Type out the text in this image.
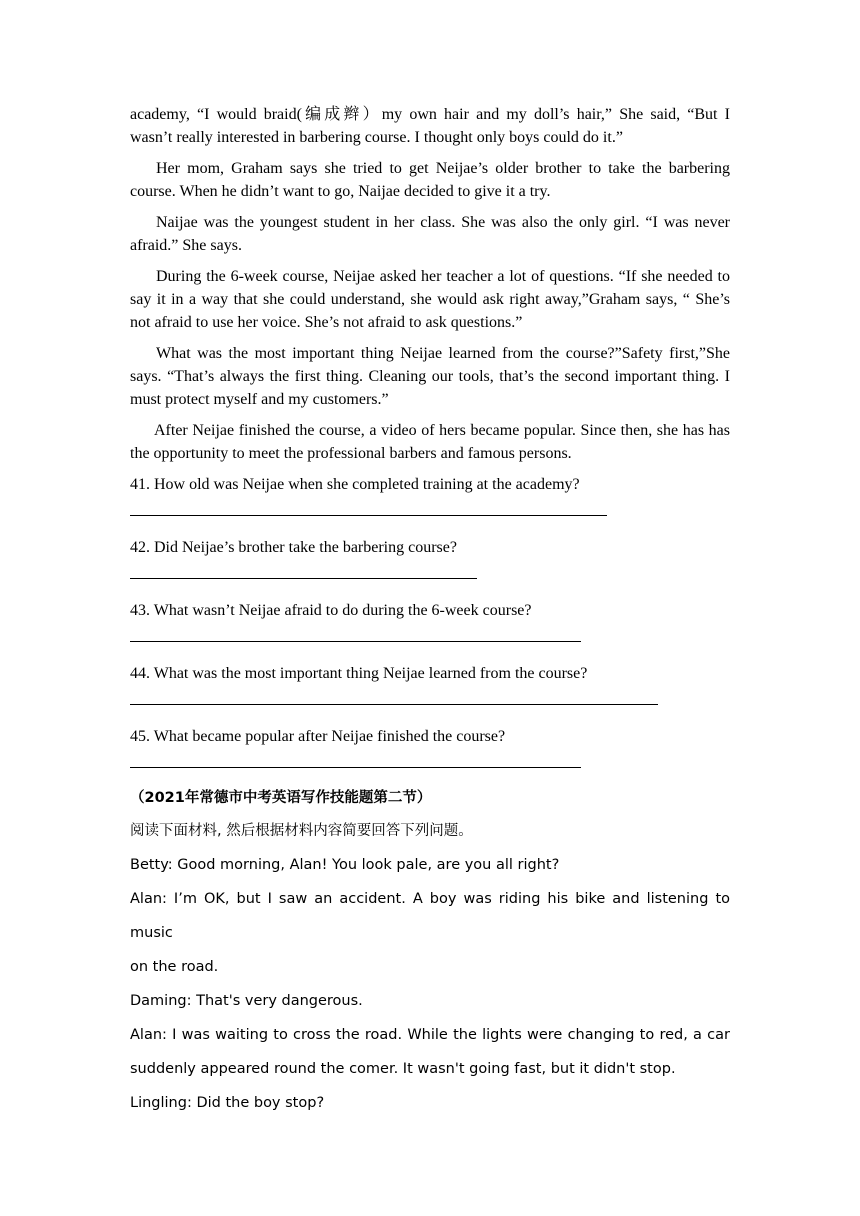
academy, “I would braid(编成辫）my own hair and my doll’s hair,” She said, “But I

wasn’t really interested in barbering course. I thought only boys could do it.”

Her mom, Graham says she tried to get Neijae’s older brother to take the barbering course. When he didn’t want to go, Naijae decided to give it a try.

Naijae was the youngest student in her class. She was also the only girl. “I was never afraid.” She says.

During the 6-week course, Neijae asked her teacher a lot of questions. “If she needed to say it in a way that she could understand, she would ask right away,”Graham says, “ She’s not afraid to use her voice. She’s not afraid to ask questions.”

What was the most important thing Neijae learned from the course?”Safety first,”She says. “That’s always the first thing. Cleaning our tools, that’s the second important thing. I must protect myself and my customers.”

After Neijae finished the course, a video of hers became popular. Since then, she has has the opportunity to meet the professional barbers and famous persons.

41. How old was Neijae when she completed training at the academy?

42. Did Neijae’s brother take the barbering course?

43. What wasn’t Neijae afraid to do during the 6-week course?

44. What was the most important thing Neijae learned from the course?

45. What became popular after Neijae finished the course?

（2021年常德市中考英语写作技能题第二节）

阅读下面材料, 然后根据材料内容简要回答下列问题。

Betty: Good morning, Alan! You look pale, are you all right?

Alan: I’m OK, but I saw an accident. A boy was riding his bike and listening to music

on the road.

Daming: That's very dangerous.

Alan: I was waiting to cross the road. While the lights were changing to red, a car

suddenly appeared round the comer. It wasn't going fast, but it didn't stop.

Lingling: Did the boy stop?
